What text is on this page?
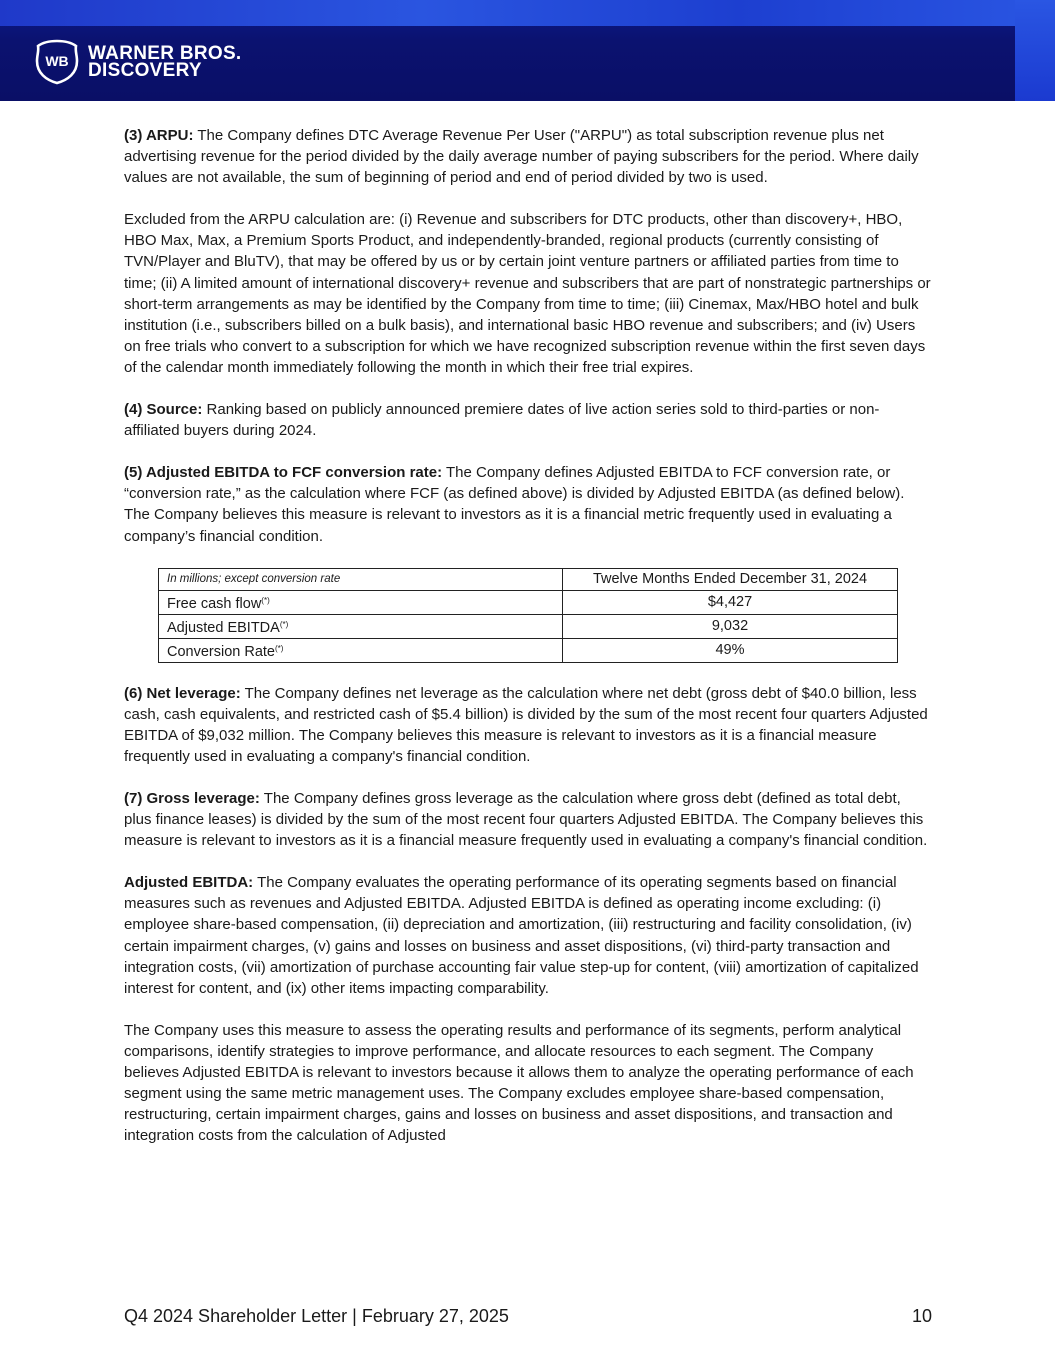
WB WARNER BROS.
DISCOVERY

(3) ARPU: The Company defines DTC Average Revenue Per User ("ARPU") as total subscription revenue plus net advertising revenue for the period divided by the daily average number of paying subscribers for the period. Where daily values are not available, the sum of beginning of period and end of period divided by two is used.

Excluded from the ARPU calculation are: (i) Revenue and subscribers for DTC products, other than discovery+, HBO, HBO Max, Max, a Premium Sports Product, and independently-branded, regional products (currently consisting of TVN/Player and BluTV), that may be offered by us or by certain joint venture partners or affiliated parties from time to time; (ii) A limited amount of international discovery+ revenue and subscribers that are part of nonstrategic partnerships or short-term arrangements as may be identified by the Company from time to time; (iii) Cinemax, Max/HBO hotel and bulk institution (i.e., subscribers billed on a bulk basis), and international basic HBO revenue and subscribers; and (iv) Users on free trials who convert to a subscription for which we have recognized subscription revenue within the first seven days of the calendar month immediately following the month in which their free trial expires.

(4) Source: Ranking based on publicly announced premiere dates of live action series sold to third-parties or non-affiliated buyers during 2024.

(5) Adjusted EBITDA to FCF conversion rate: The Company defines Adjusted EBITDA to FCF conversion rate, or “conversion rate,” as the calculation where FCF (as defined above) is divided by Adjusted EBITDA (as defined below). The Company believes this measure is relevant to investors as it is a financial metric frequently used in evaluating a company’s financial condition.

In millions; except conversion rate	Twelve Months Ended December 31, 2024
Free cash flow(*)	$4,427
Adjusted EBITDA(*)	9,032
Conversion Rate(*)	49%

(6) Net leverage: The Company defines net leverage as the calculation where net debt (gross debt of $40.0 billion, less cash, cash equivalents, and restricted cash of $5.4 billion) is divided by the sum of the most recent four quarters Adjusted EBITDA of $9,032 million. The Company believes this measure is relevant to investors as it is a financial measure frequently used in evaluating a company's financial condition.

(7) Gross leverage: The Company defines gross leverage as the calculation where gross debt (defined as total debt, plus finance leases) is divided by the sum of the most recent four quarters Adjusted EBITDA. The Company believes this measure is relevant to investors as it is a financial measure frequently used in evaluating a company's financial condition.

Adjusted EBITDA: The Company evaluates the operating performance of its operating segments based on financial measures such as revenues and Adjusted EBITDA. Adjusted EBITDA is defined as operating income excluding: (i) employee share-based compensation, (ii) depreciation and amortization, (iii) restructuring and facility consolidation, (iv) certain impairment charges, (v) gains and losses on business and asset dispositions, (vi) third-party transaction and integration costs, (vii) amortization of purchase accounting fair value step-up for content, (viii) amortization of capitalized interest for content, and (ix) other items impacting comparability.

The Company uses this measure to assess the operating results and performance of its segments, perform analytical comparisons, identify strategies to improve performance, and allocate resources to each segment. The Company believes Adjusted EBITDA is relevant to investors because it allows them to analyze the operating performance of each segment using the same metric management uses. The Company excludes employee share-based compensation, restructuring, certain impairment charges, gains and losses on business and asset dispositions, and transaction and integration costs from the calculation of Adjusted

Q4 2024 Shareholder Letter | February 27, 2025	10
